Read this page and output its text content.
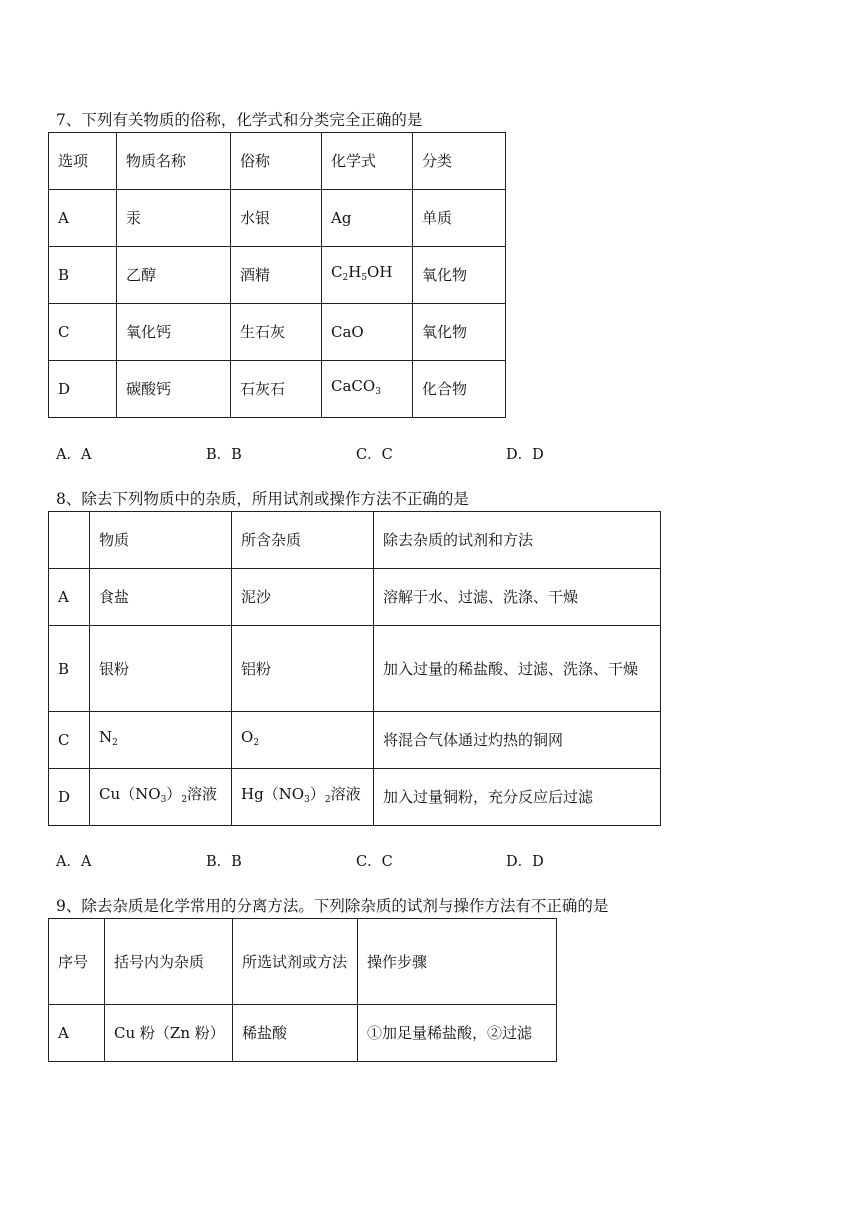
7、下列有关物质的俗称，化学式和分类完全正确的是
选项	物质名称	俗称	化学式	分类
A	汞	水银	Ag	单质
B	乙醇	酒精	$C_2H_5OH$	氧化物
C	氧化钙	生石灰	CaO	氧化物
D	碳酸钙	石灰石	CaCO$_3$	化合物
A．A	B．B	C．C	D．D
8、除去下列物质中的杂质，所用试剂或操作方法不正确的是
	物质	所含杂质	除去杂质的试剂和方法
A	食盐	泥沙	溶解于水、过滤、洗涤、干燥
B	银粉	铝粉	加入过量的稀盐酸、过滤、洗涤、干燥
C	$N_2$	$O_2$	将混合气体通过灼热的铜网
D	$Cu(NO_3)_2$溶液	$Hg(NO_3)_2$溶液	加入过量铜粉，充分反应后过滤
A．A	B．B	C．C	D．D
9、除去杂质是化学常用的分离方法。下列除杂质的试剂与操作方法有不正确的是
序号	括号内为杂质	所选试剂或方法	操作步骤
A	Cu 粉（Zn 粉）	稀盐酸	①加足量稀盐酸，②过滤
